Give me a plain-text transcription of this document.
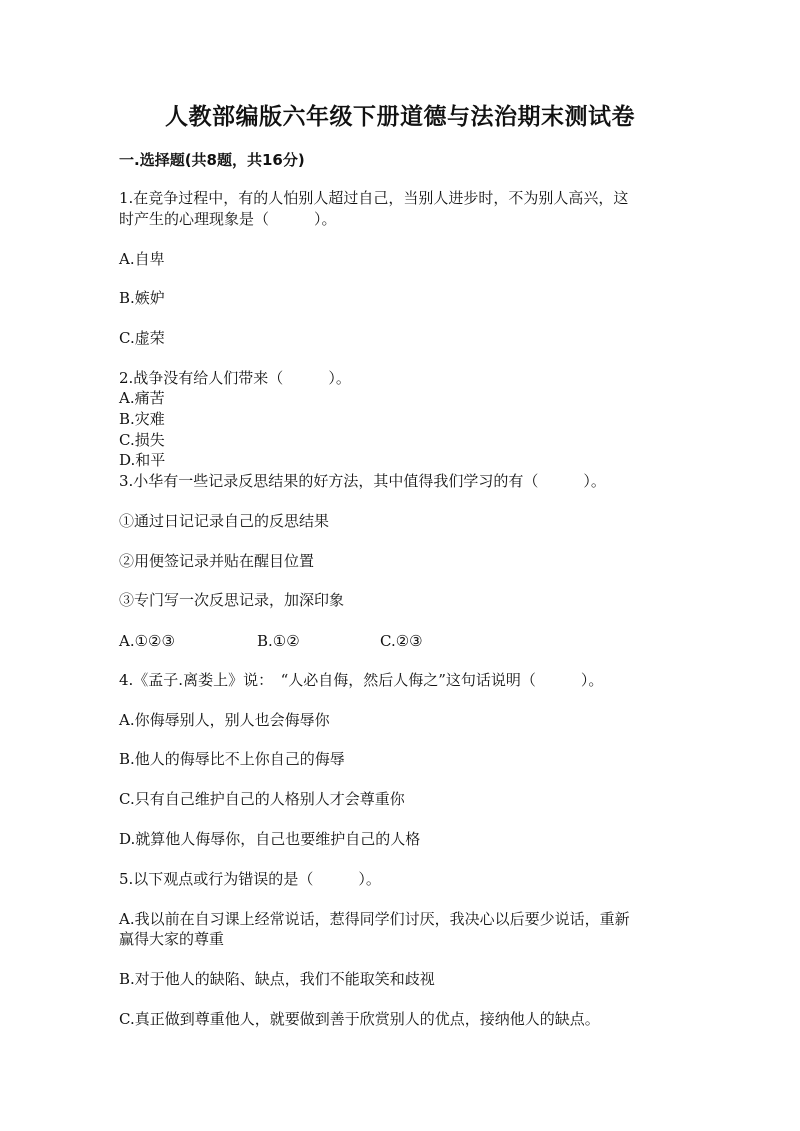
人教部编版六年级下册道德与法治期末测试卷
一.选择题(共8题，共16分)
1.在竞争过程中，有的人怕别人超过自己，当别人进步时，不为别人高兴，这
时产生的心理现象是（　　　）。
A.自卑
B.嫉妒
C.虚荣
2.战争没有给人们带来（　　　）。
A.痛苦
B.灾难
C.损失
D.和平
3.小华有一些记录反思结果的好方法，其中值得我们学习的有（　　　）。
①通过日记记录自己的反思结果
②用便签记录并贴在醒目位置
③专门写一次反思记录，加深印象
A.①②③	B.①②	C.②③
4.《孟子.离娄上》说：　“人必自侮，然后人侮之”这句话说明（　　　）。
A.你侮辱别人，别人也会侮辱你
B.他人的侮辱比不上你自己的侮辱
C.只有自己维护自己的人格别人才会尊重你
D.就算他人侮辱你，自己也要维护自己的人格
5.以下观点或行为错误的是（　　　）。
A.我以前在自习课上经常说话，惹得同学们讨厌，我决心以后要少说话，重新
赢得大家的尊重
B.对于他人的缺陷、缺点，我们不能取笑和歧视
C.真正做到尊重他人，就要做到善于欣赏别人的优点，接纳他人的缺点。
